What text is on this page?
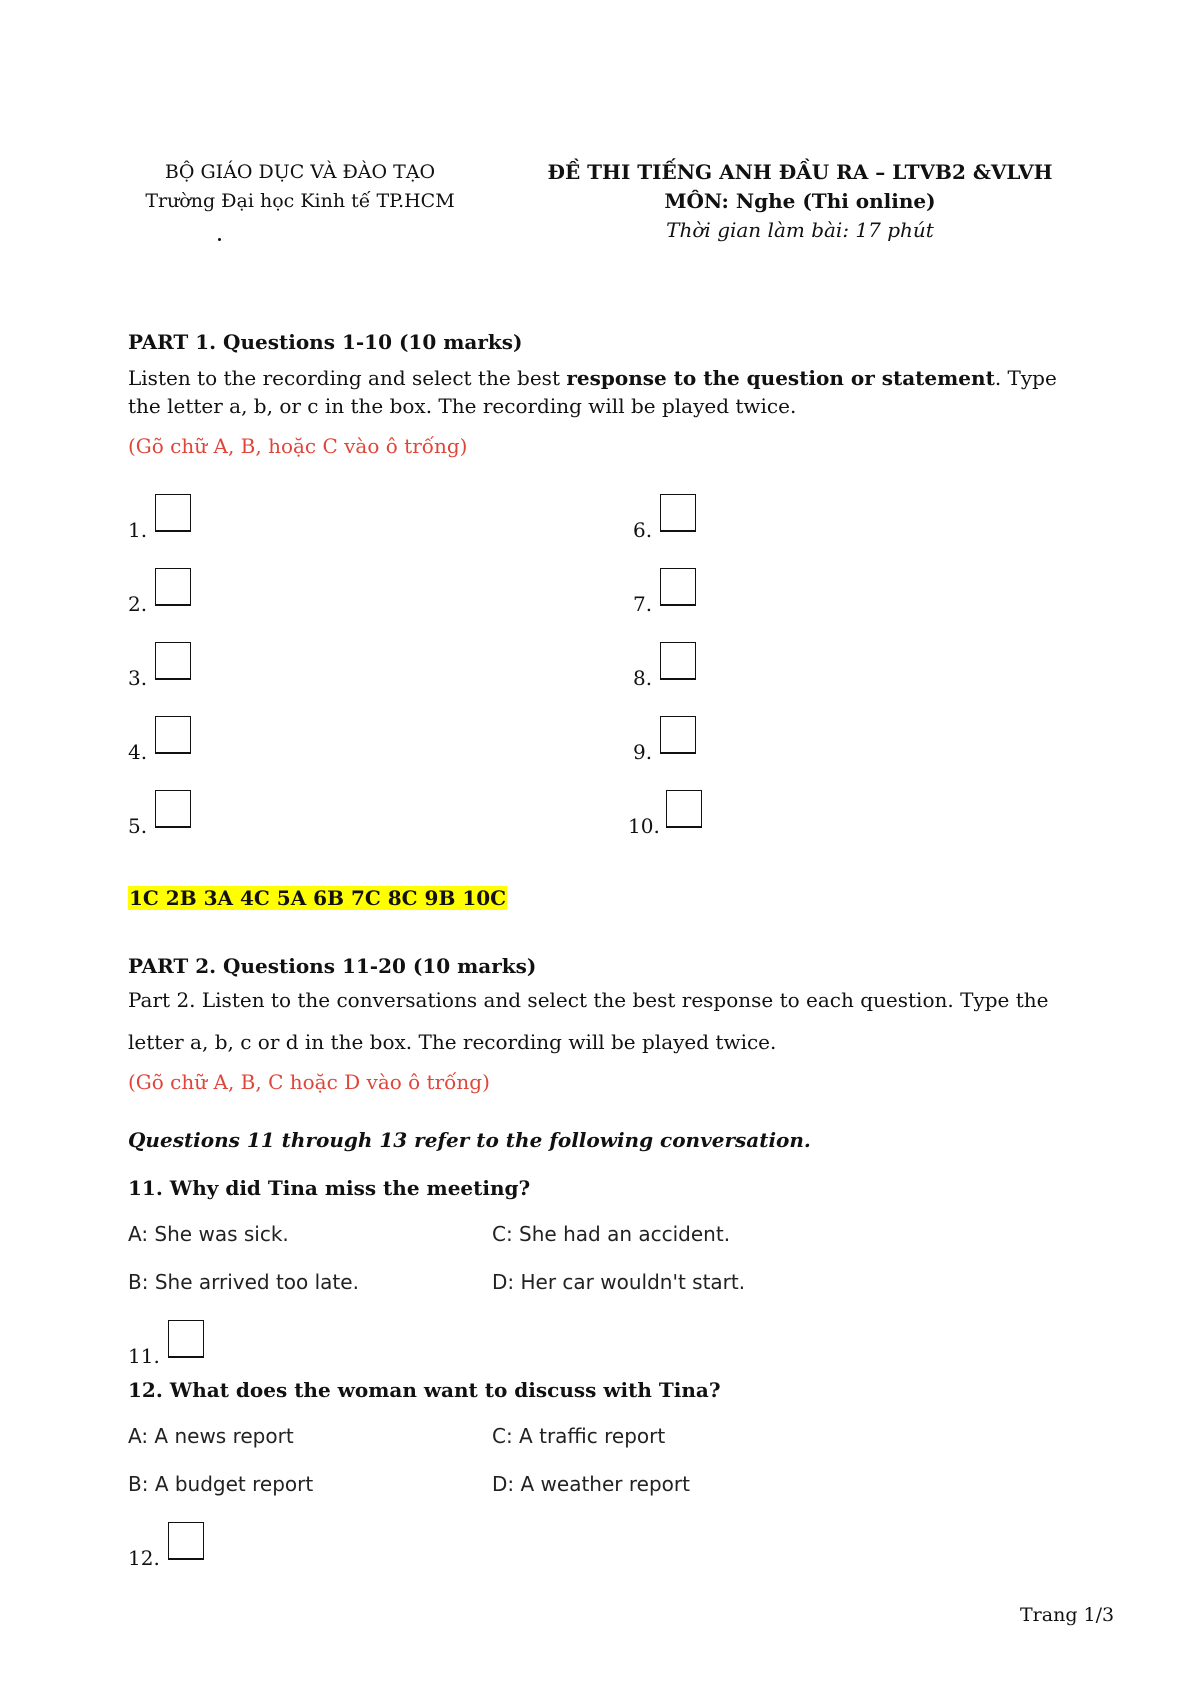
BỘ GIÁO DỤC VÀ ĐÀO TẠO
Trường Đại học Kinh tế TP.HCM
ĐỀ THI TIẾNG ANH ĐẦU RA – LTVB2 &VLVH
MÔN: Nghe (Thi online)
Thời gian làm bài: 17 phút
PART 1. Questions 1-10 (10 marks)
Listen to the recording and select the best response to the question or statement. Type the letter a, b, or c in the box. The recording will be played twice.
(Gõ chữ A, B, hoặc C vào ô trống)
1.
2.
3.
4.
5.
6.
7.
8.
9.
10.
1C 2B 3A 4C 5A 6B 7C 8C 9B 10C
PART 2. Questions 11-20 (10 marks)
Part 2. Listen to the conversations and select the best response to each question. Type the
letter a, b, c or d in the box. The recording will be played twice.
(Gõ chữ A, B, C hoặc D vào ô trống)
Questions 11 through 13 refer to the following conversation.
11. Why did Tina miss the meeting?
A: She was sick.	C: She had an accident.
B: She arrived too late.	D: Her car wouldn't start.
11.
12. What does the woman want to discuss with Tina?
A: A news report	C: A traffic report
B: A budget report	D: A weather report
12.
Trang 1/3
